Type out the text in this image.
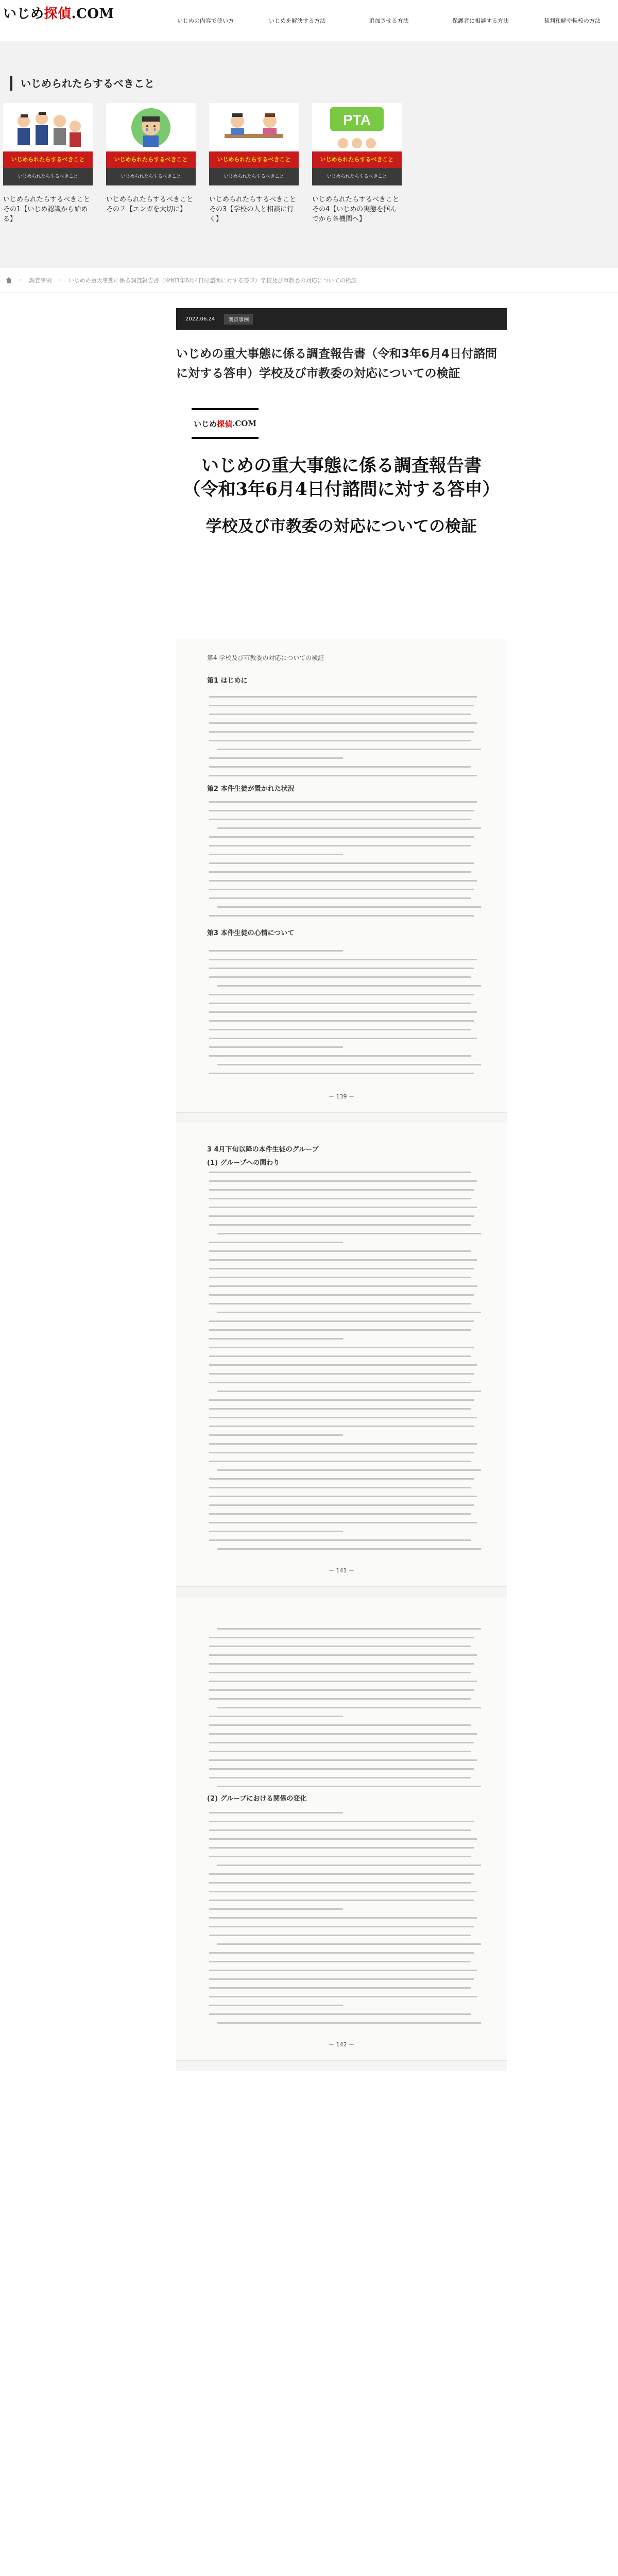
いじめ探偵.COM	いじめの内容で使い方	いじめを解決する方法	追加させる方法	保護者に相談する方法	裁判和解や転校の方法
いじめられたらするべきこと
いじめられたらするべきこと
いじめられたらするべきこと

いじめられたらするべきことその1【いじめ認識から始める】

いじめられたらするべきこと
いじめられたらするべきこと

いじめられたらするべきことその２【エンガを大切に】

いじめられたらするべきこと
いじめられたらするべきこと

いじめられたらするべきことその3【学校の人と相談に行く】

PTA
いじめられたらするべきこと
いじめられたらするべきこと

いじめられたらするべきことその4【いじめの実態を掴んでから各機関へ】

› 調査事例 › いじめの重大事態に係る調査報告書（令和3年6月4日付諮問に対する答申）学校及び市教委の対応についての検証
2022.06.24	調査事例
いじめの重大事態に係る調査報告書（令和3年6月4日付諮問に対する答申）学校及び市教委の対応についての検証
いじめ 探偵 .COM
いじめの重大事態に係る調査報告書
（令和3年6月4日付諮問に対する答申）
学校及び市教委の対応についての検証
第4 学校及び市教委の対応についての検証
第1 はじめに
第2 本件生徒が置かれた状況
第3 本件生徒の心情について
－ 139 －
3 4月下旬以降の本件生徒のグループ
(1) グループへの関わり
－ 141 －
(2) グループにおける関係の変化
－ 142 －
